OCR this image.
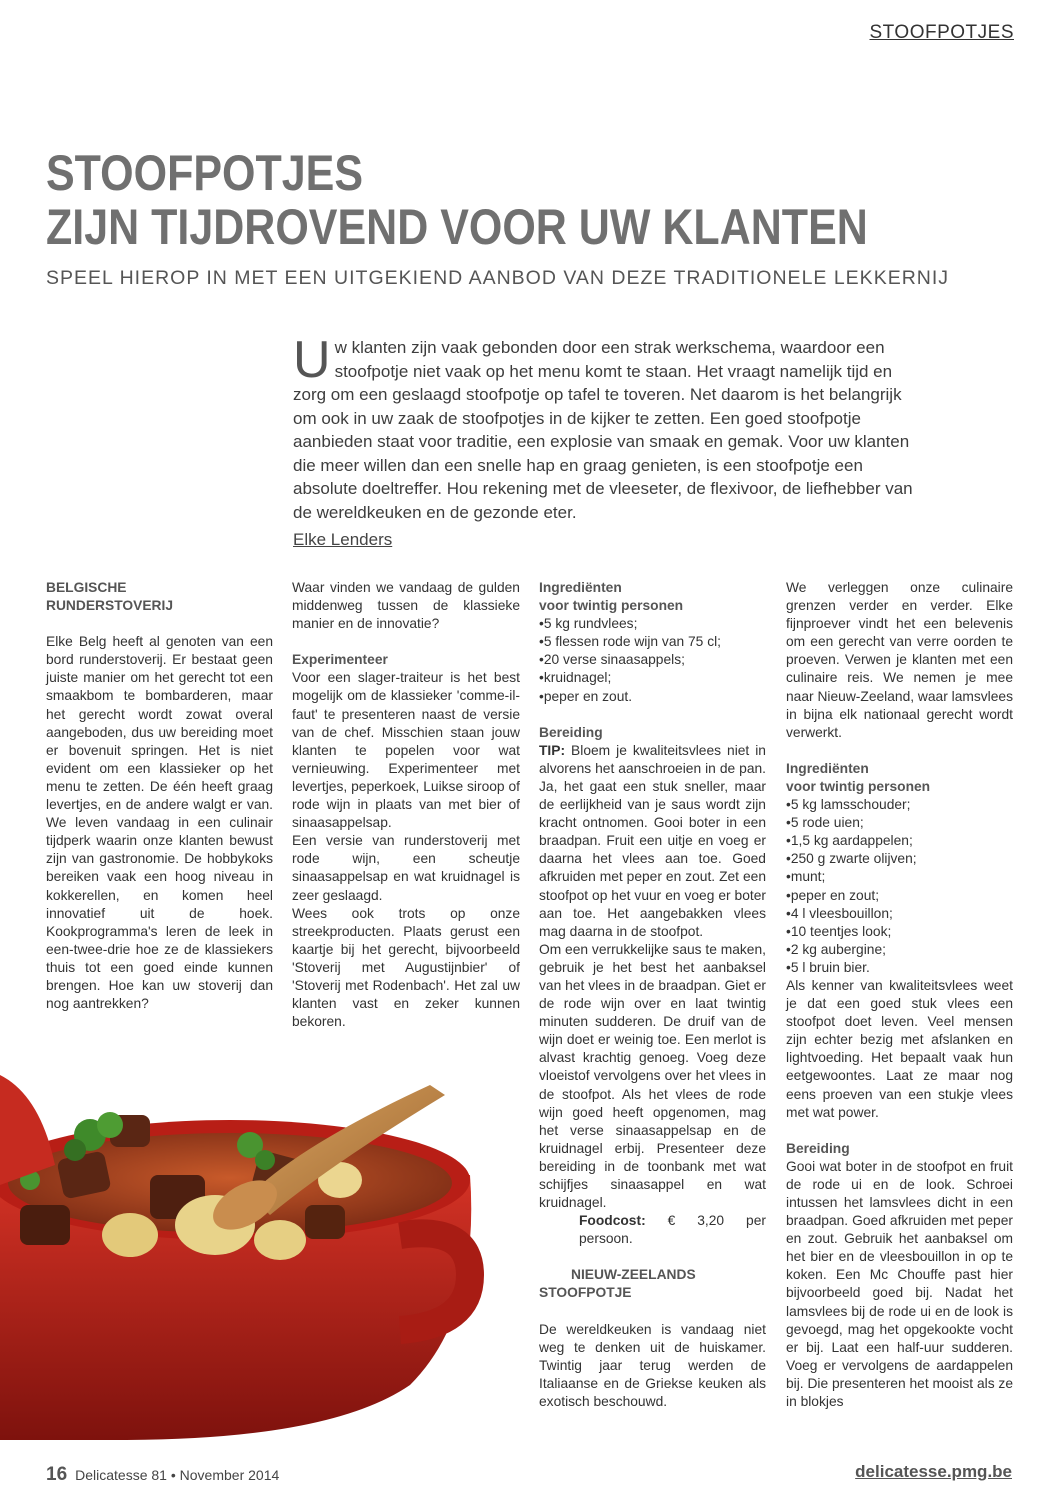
STOOFPOTJES
STOOFPOTJES
ZIJN TIJDROVEND VOOR UW KLANTEN
SPEEL HIEROP IN MET EEN UITGEKIEND AANBOD VAN DEZE TRADITIONELE LEKKERNIJ
Uw klanten zijn vaak gebonden door een strak werkschema, waardoor een stoofpotje niet vaak op het menu komt te staan. Het vraagt namelijk tijd en zorg om een geslaagd stoofpotje op tafel te toveren. Net daarom is het belangrijk om ook in uw zaak de stoofpotjes in de kijker te zetten. Een goed stoofpotje aanbieden staat voor traditie, een explosie van smaak en gemak. Voor uw klanten die meer willen dan een snelle hap en graag genieten, is een stoofpotje een absolute doeltreffer. Hou rekening met de vleeseter, de flexivoor, de liefhebber van de wereldkeuken en de gezonde eter.
Elke Lenders
BELGISCHE
RUNDERSTOVERIJ

Elke Belg heeft al genoten van een bord runderstoverij. Er bestaat geen juiste manier om het gerecht tot een smaakbom te bombarderen, maar het gerecht wordt zowat overal aangeboden, dus uw bereiding moet er bovenuit springen. Het is niet evident om een klassieker op het menu te zetten. De één heeft graag levertjes, en de andere walgt er van. We leven vandaag in een culinair tijdperk waarin onze klanten bewust zijn van gastronomie. De hobbykoks bereiken vaak een hoog niveau in kokkerellen, en komen heel innovatief uit de hoek. Kookprogramma's leren de leek in een-twee-drie hoe ze de klassiekers thuis tot een goed einde kunnen brengen. Hoe kan uw stoverij dan nog aantrekken?

Waar vinden we vandaag de gulden middenweg tussen de klassieke manier en de innovatie?

Experimenteer

Voor een slager-traiteur is het best mogelijk om de klassieker 'comme-il-faut' te presenteren naast de versie van de chef. Misschien staan jouw klanten te popelen voor wat vernieuwing. Experimenteer met levertjes, peperkoek, Luikse siroop of rode wijn in plaats van met bier of sinaasappelsap.

Een versie van runderstoverij met rode wijn, een scheutje sinaasappelsap en wat kruidnagel is zeer geslaagd.

Wees ook trots op onze streekproducten. Plaats gerust een kaartje bij het gerecht, bijvoorbeeld 'Stoverij met Augustijnbier' of 'Stoverij met Rodenbach'. Het zal uw klanten vast en zeker kunnen bekoren.

Ingrediënten
voor twintig personen
•5 kg rundvlees;
•5 flessen rode wijn van 75 cl;
•20 verse sinaasappels;
•kruidnagel;
•peper en zout.
Bereiding

TIP: Bloem je kwaliteitsvlees niet in alvorens het aanschroeien in de pan. Ja, het gaat een stuk sneller, maar de eerlijkheid van je saus wordt zijn kracht ontnomen. Gooi boter in een braadpan. Fruit een uitje en voeg er daarna het vlees aan toe. Goed afkruiden met peper en zout. Zet een stoofpot op het vuur en voeg er boter aan toe. Het aangebakken vlees mag daarna in de stoofpot.

Om een verrukkelijke saus te maken, gebruik je het best het aanbaksel van het vlees in de braadpan. Giet er de rode wijn over en laat twintig minuten sudderen. De druif van de wijn doet er weinig toe. Een merlot is alvast krachtig genoeg. Voeg deze vloeistof vervolgens over het vlees in de stoofpot. Als het vlees de rode wijn goed heeft opgenomen, mag het verse sinaasappelsap en de kruidnagel erbij. Presenteer deze bereiding in de toonbank met wat schijfjes sinaasappel en wat kruidnagel.

Foodcost: € 3,20 per persoon.

NIEUW-ZEELANDS
STOOFPOTJE

De wereldkeuken is vandaag niet weg te denken uit de huiskamer. Twintig jaar terug werden de Italiaanse en de Griekse keuken als exotisch beschouwd.

We verleggen onze culinaire grenzen verder en verder. Elke fijnproever vindt het een belevenis om een gerecht van verre oorden te proeven. Verwen je klanten met een culinaire reis. We nemen je mee naar Nieuw-Zeeland, waar lamsvlees in bijna elk nationaal gerecht wordt verwerkt.

Ingrediënten
voor twintig personen
•5 kg lamsschouder;
•5 rode uien;
•1,5 kg aardappelen;
•250 g zwarte olijven;
•munt;
•peper en zout;
•4 l vleesbouillon;
•10 teentjes look;
•2 kg aubergine;
•5 l bruin bier.

Als kenner van kwaliteitsvlees weet je dat een goed stuk vlees een stoofpot doet leven. Veel mensen zijn echter bezig met afslanken en lightvoeding. Het bepaalt vaak hun eetgewoontes. Laat ze maar nog eens proeven van een stukje vlees met wat power.

Bereiding

Gooi wat boter in de stoofpot en fruit de rode ui en de look. Schroei intussen het lamsvlees dicht in een braadpan. Goed afkruiden met peper en zout. Gebruik het aanbaksel om het bier en de vleesbouillon in op te koken. Een Mc Chouffe past hier bijvoorbeeld goed bij. Nadat het lamsvlees bij de rode ui en de look is gevoegd, mag het opgekookte vocht er bij. Laat een half-uur sudderen. Voeg er vervolgens de aardappelen bij. Die presenteren het mooist als ze in blokjes

16 Delicatesse 81 • November 2014	delicatesse.pmg.be
